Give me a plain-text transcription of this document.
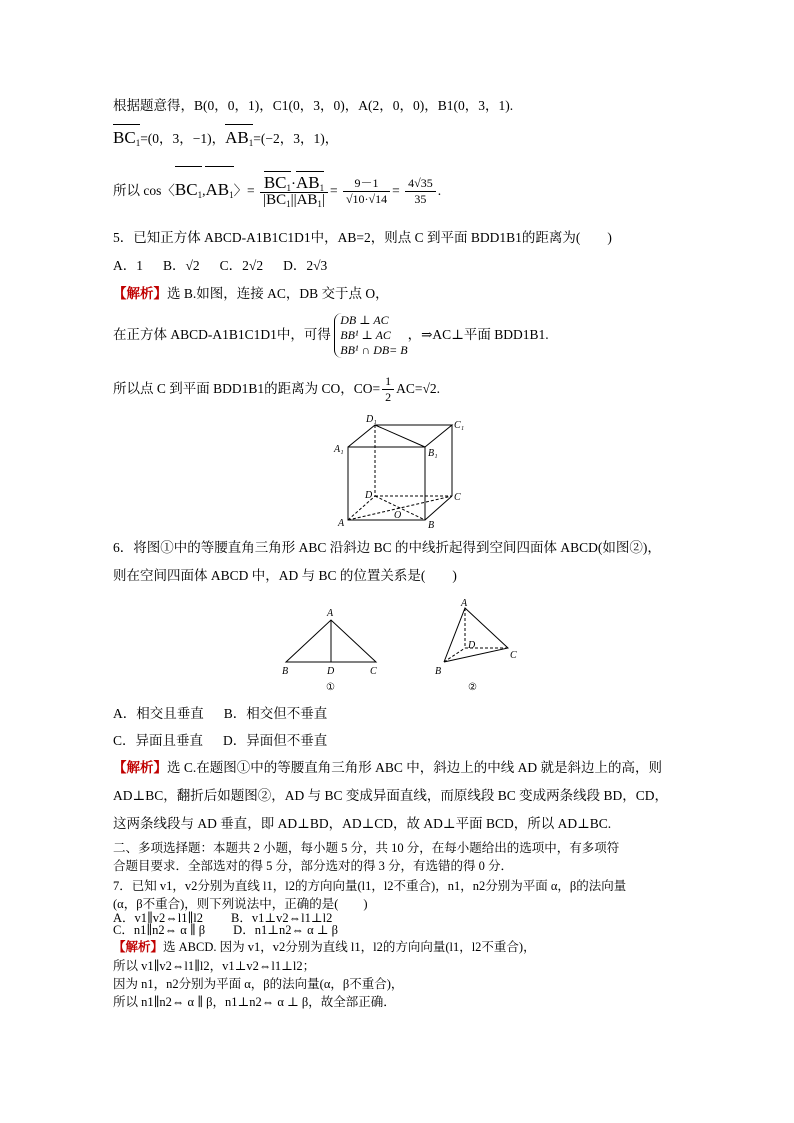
根据题意得，B(0，0，1)，C1(0，3，0)，A(2，0，0)，B1(0，3，1).
$BC_1=(0$，3，−1)，$AB_1=(-2$，3，1)，
所以 cos〈$BC_1,AB_1$〉= $\frac{BC_1\cdot AB_1}{|BC_1||AB_1|} = \frac{9-1}{√10\cdot√14} = \frac{4√35}{35}$ .
5．已知正方体 ABCD-A1B1C1D1中，AB=2，则点 C 到平面 BDD1B1的距离为(　　)
A．1 B．√2 C．2√2 D．2√3
【解析】选 B.如图，连接 AC，DB 交于点 O，
在正方体 ABCD-A1B1C1D1中，可得
DB ⊥ AC
BB¹ ⊥ AC
BB¹ ∩ DB= B
，⇒AC⊥平面 BDD1B1.
所以点 C 到平面 BDD1B1的距离为 CO，$CO= \frac{1}{2} AC=√2$.
D₁
C₁
A₁	B₁
D	C
A	B
O
6．将图①中的等腰直角三角形 ABC 沿斜边 BC 的中线折起得到空间四面体 ABCD(如图②)，
则在空间四面体 ABCD 中，AD 与 BC 的位置关系是(　　)
A
B	D	C
①
A
B
D
C
②
A．相交且垂直 B．相交但不垂直
C．异面且垂直 D．异面但不垂直
【解析】选 C.在题图①中的等腰直角三角形 ABC 中，斜边上的中线 AD 就是斜边上的高，则
AD⊥BC，翻折后如题图②，AD 与 BC 变成异面直线，而原线段 BC 变成两条线段 BD，CD，
这两条线段与 AD 垂直，即 AD⊥BD，AD⊥CD，故 AD⊥平面 BCD，所以 AD⊥BC.
二、多项选择题：本题共 2 小题，每小题 5 分，共 10 分，在每小题给出的选项中，有多项符
合题目要求．全部选对的得 5 分，部分选对的得 3 分，有选错的得 0 分．
7．已知 v1，v2分别为直线 l1，l2的方向向量(l1，l2不重合)，n1，n2分别为平面 α，β的法向量
(α，β不重合)，则下列说法中，正确的是(　　)
A．v1∥v2⇔l1∥l2 B．v1⊥v2⇔l1⊥l2
C．n1∥n2⇔ α ∥ β D．n1⊥n2⇔ α ⊥ β
【解析】选 ABCD. 因为 v1，v2分别为直线 l1，l2的方向向量(l1，l2不重合)，
所以 v1∥v2⇔l1∥l2，v1⊥v2⇔l1⊥l2；
因为 n1，n2分别为平面 α，β的法向量(α，β不重合)，
所以 n1∥n2⇔ α ∥ β，n1⊥n2⇔ α ⊥ β，故全部正确．
